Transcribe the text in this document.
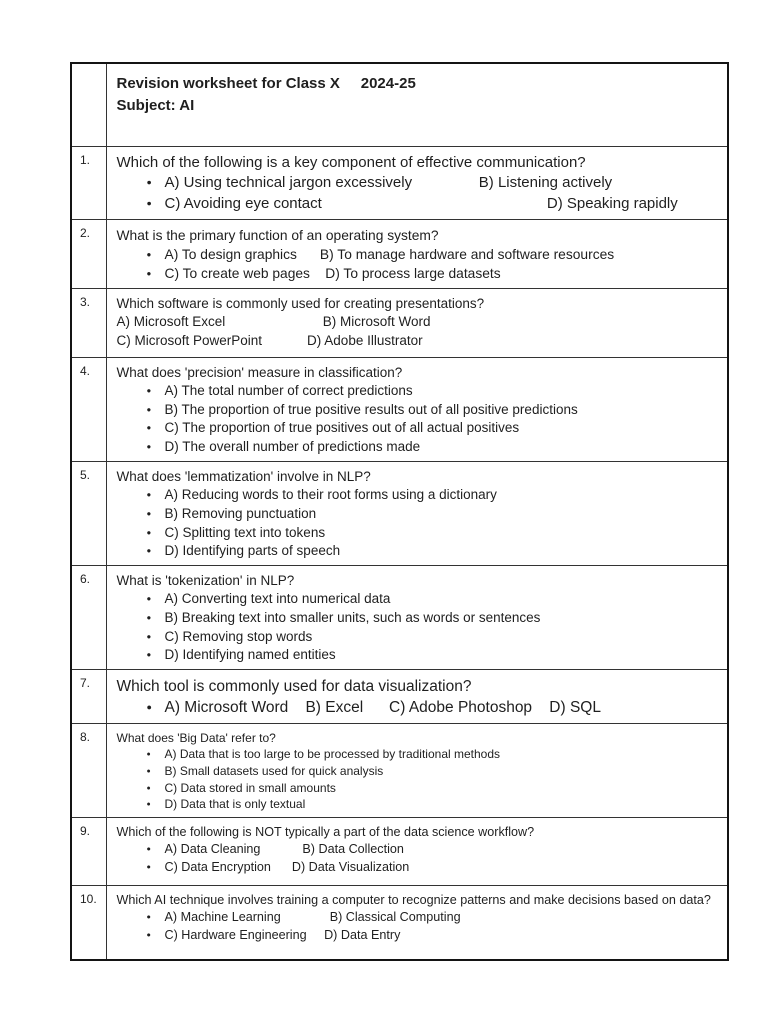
	Revision worksheet for Class X     2024-25
Subject: AI

1.	Which of the following is a key component of effective communication?
●
A) Using technical jargon excessively                B) Listening actively
●
C) Avoiding eye contact                                                      D) Speaking rapidly

2.	What is the primary function of an operating system?
●
A) To design graphics      B) To manage hardware and software resources
●
C) To create web pages    D) To process large datasets

3.	Which software is commonly used for creating presentations?
A) Microsoft Excel                          B) Microsoft Word
C) Microsoft PowerPoint            D) Adobe Illustrator

4.	What does 'precision' measure in classification?
●
A) The total number of correct predictions
●
B) The proportion of true positive results out of all positive predictions
●
C) The proportion of true positives out of all actual positives
●
D) The overall number of predictions made

5.	What does 'lemmatization' involve in NLP?
●
A) Reducing words to their root forms using a dictionary
●
B) Removing punctuation
●
C) Splitting text into tokens
●
D) Identifying parts of speech

6.	What is 'tokenization' in NLP?
●
A) Converting text into numerical data
●
B) Breaking text into smaller units, such as words or sentences
●
C) Removing stop words
●
D) Identifying named entities

7.	Which tool is commonly used for data visualization?
●
A) Microsoft Word    B) Excel      C) Adobe Photoshop    D) SQL

8.	What does 'Big Data' refer to?
●
A) Data that is too large to be processed by traditional methods
●
B) Small datasets used for quick analysis
●
C) Data stored in small amounts
●
D) Data that is only textual

9.	Which of the following is NOT typically a part of the data science workflow?
●
A) Data Cleaning            B) Data Collection
●
C) Data Encryption      D) Data Visualization

10.	Which AI technique involves training a computer to recognize patterns and make decisions based on data?
●
A) Machine Learning              B) Classical Computing
●
C) Hardware Engineering     D) Data Entry
